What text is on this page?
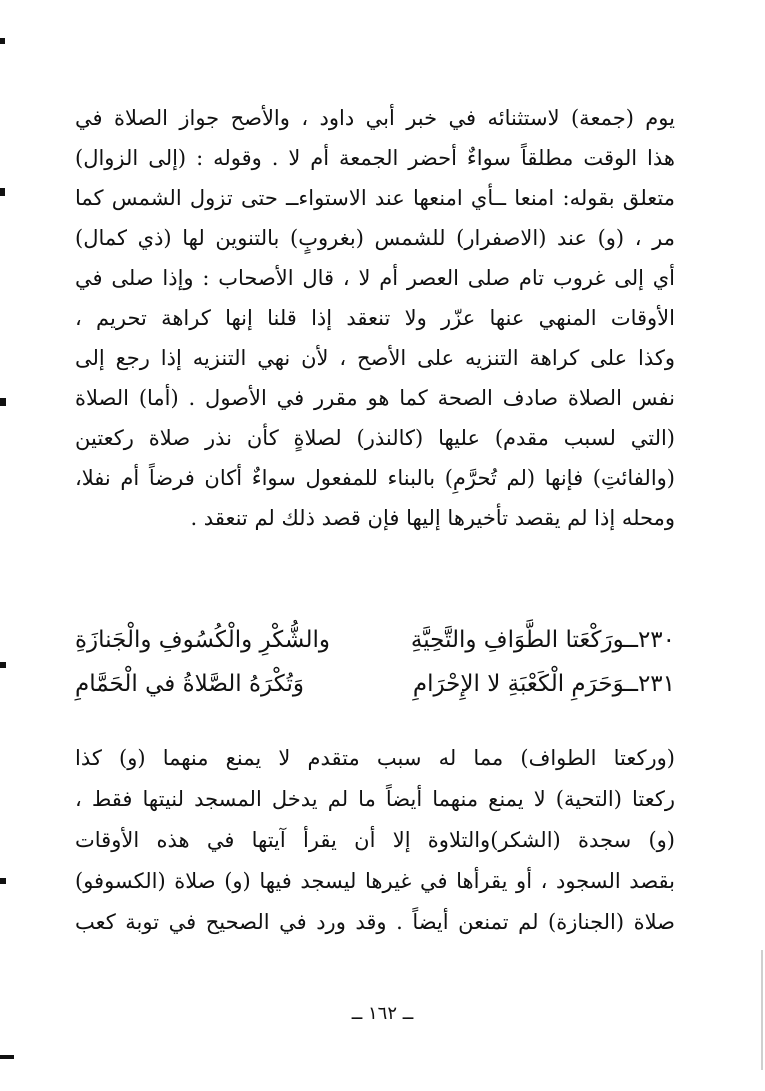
يوم (جمعة) لاستثنائه في خبر أبي داود ، والأصح جواز الصلاة في
هذا الوقت مطلقاً سواءٌ أحضر الجمعة أم لا . وقوله : (إلى الزوال)
متعلق بقوله: امنعا ــأي امنعها عند الاستواءــ حتى تزول الشمس كما
مر ، (و) عند (الاصفرار) للشمس (بغروبٍ) بالتنوين لها (ذي كمال)
أي إلى غروب تام صلى العصر أم لا ، قال الأصحاب : وإذا صلى في
الأوقات المنهي عنها عزّر ولا تنعقد إذا قلنا إنها كراهة تحريم ،
وكذا على كراهة التنزيه على الأصح ، لأن نهي التنزيه إذا رجع إلى
نفس الصلاة صادف الصحة كما هو مقرر في الأصول . (أما) الصلاة
(التي لسبب مقدم) عليها (كالنذر) لصلاةٍ كأن نذر صلاة ركعتين
(والفائتِ) فإنها (لم تُحرَّمِ) بالبناء للمفعول سواءٌ أكان فرضاً أم نفلا،
ومحله إذا لم يقصد تأخيرها إليها فإن قصد ذلك لم تنعقد .
٢٣٠ــورَكْعَتا الطَّوَافِ والتَّحِيَّةِ
والشُّكْرِ والْكُسُوفِ والْجَنازَةِ
٢٣١ــوَحَرَمِ الْكَعْبَةِ لا الإِحْرَامِ
وَتُكْرَهُ الصَّلاةُ في الْحَمَّامِ
(وركعتا الطواف) مما له سبب متقدم لا يمنع منهما (و) كذا
ركعتا (التحية) لا يمنع منهما أيضاً ما لم يدخل المسجد لنيتها فقط ،
(و) سجدة (الشكر)والتلاوة إلا أن يقرأ آيتها في هذه الأوقات
بقصد السجود ، أو يقرأها في غيرها ليسجد فيها (و) صلاة (الكسوفو)
صلاة (الجنازة) لم تمنعن أيضاً . وقد ورد في الصحيح في توبة كعب
ــ ١٦٢ ــ
